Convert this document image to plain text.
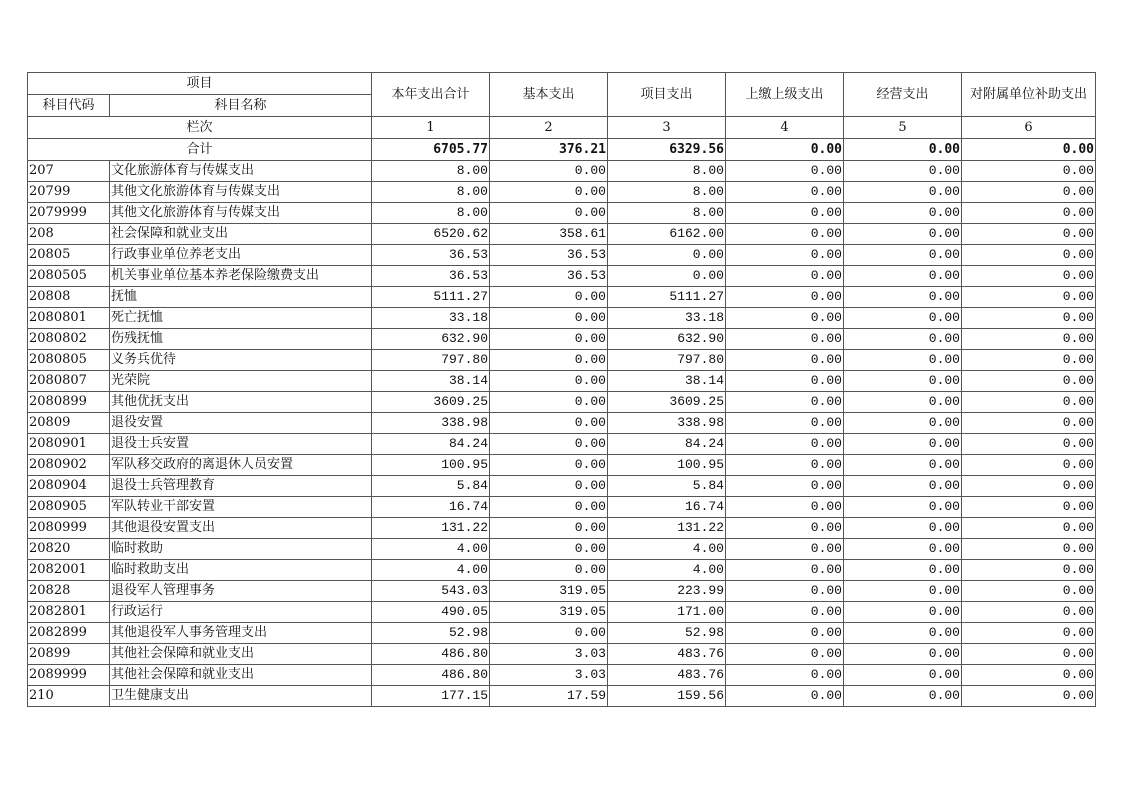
项目		本年支出合计	基本支出	项目支出	上缴上级支出	经营支出	对附属单位补助支出
科目代码	科目名称						
栏次		1	2	3	4	5	6
合计		6705.77	376.21	6329.56	0.00	0.00	0.00
207	文化旅游体育与传媒支出	8.00	0.00	8.00	0.00	0.00	0.00
20799	其他文化旅游体育与传媒支出	8.00	0.00	8.00	0.00	0.00	0.00
2079999	其他文化旅游体育与传媒支出	8.00	0.00	8.00	0.00	0.00	0.00
208	社会保障和就业支出	6520.62	358.61	6162.00	0.00	0.00	0.00
20805	行政事业单位养老支出	36.53	36.53	0.00	0.00	0.00	0.00
2080505	机关事业单位基本养老保险缴费支出	36.53	36.53	0.00	0.00	0.00	0.00
20808	抚恤	5111.27	0.00	5111.27	0.00	0.00	0.00
2080801	死亡抚恤	33.18	0.00	33.18	0.00	0.00	0.00
2080802	伤残抚恤	632.90	0.00	632.90	0.00	0.00	0.00
2080805	义务兵优待	797.80	0.00	797.80	0.00	0.00	0.00
2080807	光荣院	38.14	0.00	38.14	0.00	0.00	0.00
2080899	其他优抚支出	3609.25	0.00	3609.25	0.00	0.00	0.00
20809	退役安置	338.98	0.00	338.98	0.00	0.00	0.00
2080901	退役士兵安置	84.24	0.00	84.24	0.00	0.00	0.00
2080902	军队移交政府的离退休人员安置	100.95	0.00	100.95	0.00	0.00	0.00
2080904	退役士兵管理教育	5.84	0.00	5.84	0.00	0.00	0.00
2080905	军队转业干部安置	16.74	0.00	16.74	0.00	0.00	0.00
2080999	其他退役安置支出	131.22	0.00	131.22	0.00	0.00	0.00
20820	临时救助	4.00	0.00	4.00	0.00	0.00	0.00
2082001	临时救助支出	4.00	0.00	4.00	0.00	0.00	0.00
20828	退役军人管理事务	543.03	319.05	223.99	0.00	0.00	0.00
2082801	行政运行	490.05	319.05	171.00	0.00	0.00	0.00
2082899	其他退役军人事务管理支出	52.98	0.00	52.98	0.00	0.00	0.00
20899	其他社会保障和就业支出	486.80	3.03	483.76	0.00	0.00	0.00
2089999	其他社会保障和就业支出	486.80	3.03	483.76	0.00	0.00	0.00
210	卫生健康支出	177.15	17.59	159.56	0.00	0.00	0.00
